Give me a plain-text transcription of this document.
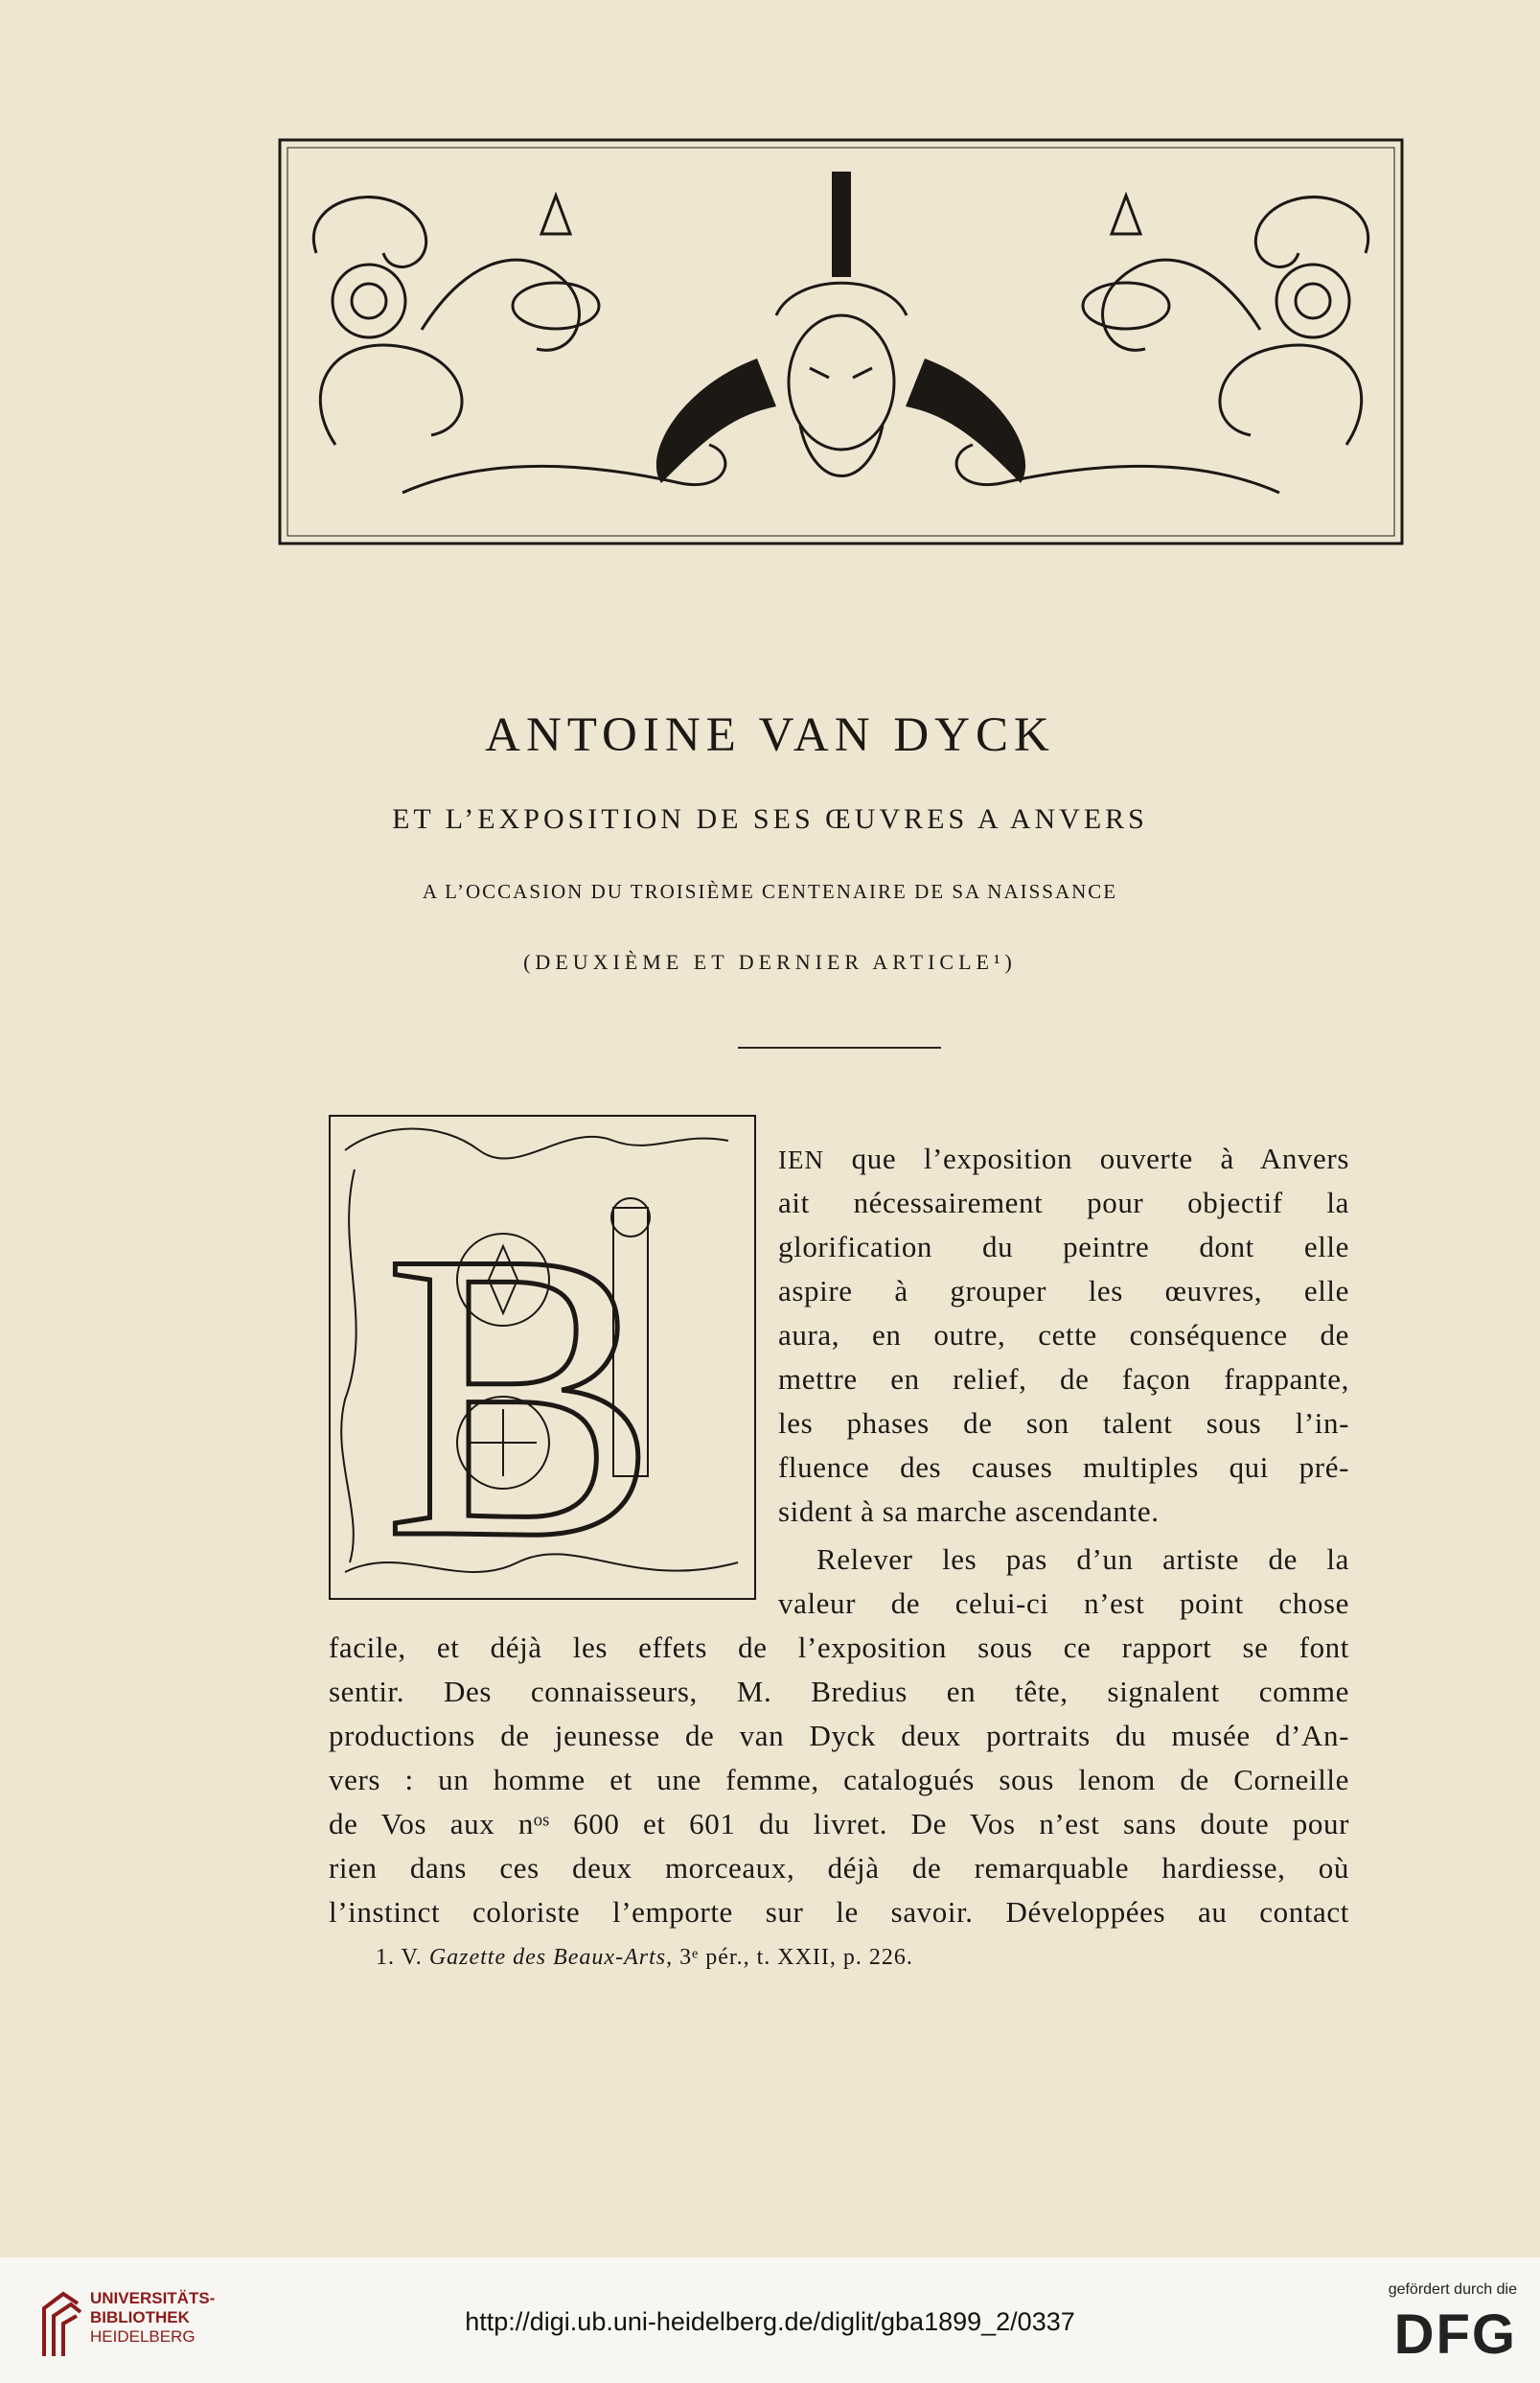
ANTOINE VAN DYCK
ET L’EXPOSITION DE SES ŒUVRES A ANVERS
A L’OCCASION DU TROISIÈME CENTENAIRE DE SA NAISSANCE
(DEUXIÈME ET DERNIER ARTICLE¹)
B
IEN que l’exposition ouverte à Anvers
ait nécessairement pour objectif la
glorification du peintre dont elle
aspire à grouper les œuvres, elle
aura, en outre, cette conséquence de
mettre en relief, de façon frappante,
les phases de son talent sous l’in-
fluence des causes multiples qui pré-
sident à sa marche ascendante.
Relever les pas d’un artiste de la
valeur de celui-ci n’est point chose
facile, et déjà les effets de l’exposition sous ce rapport se font
sentir. Des connaisseurs, M. Bredius en tête, signalent comme
productions de jeunesse de van Dyck deux portraits du musée d’An-
vers : un homme et une femme, catalogués sous lenom de Corneille
de Vos aux nᵒˢ 600 et 601 du livret. De Vos n’est sans doute pour
rien dans ces deux morceaux, déjà de remarquable hardiesse, où
l’instinct coloriste l’emporte sur le savoir. Développées au contact
1. V. Gazette des Beaux-Arts, 3ᵉ pér., t. XXII, p. 226.
UNIVERSITÄTS-
BIBLIOTHEK
HEIDELBERG
http://digi.ub.uni-heidelberg.de/diglit/gba1899_2/0337
gefördert durch die
DFG
